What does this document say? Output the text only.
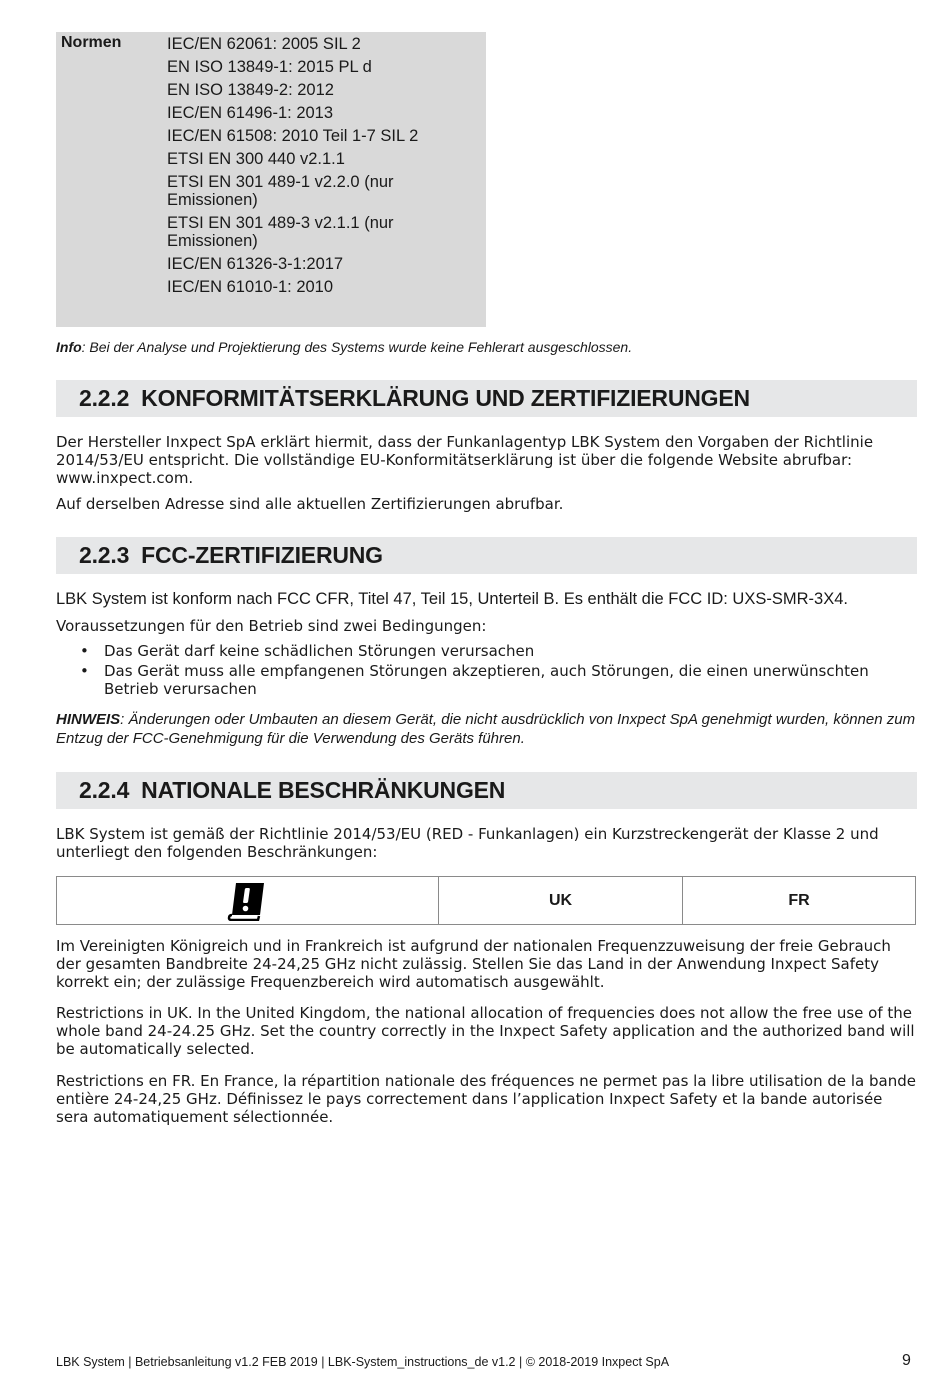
Normen	IEC/EN 62061: 2005 SIL 2
EN ISO 13849-1: 2015 PL d
EN ISO 13849-2: 2012
IEC/EN 61496-1: 2013
IEC/EN 61508: 2010 Teil 1-7 SIL 2
ETSI EN 300 440 v2.1.1
ETSI EN 301 489-1 v2.2.0 (nur Emissionen)
ETSI EN 301 489-3 v2.1.1 (nur Emissionen)
IEC/EN 61326-3-1:2017
IEC/EN 61010-1: 2010
Info: Bei der Analyse und Projektierung des Systems wurde keine Fehlerart ausgeschlossen.
2.2.2 KONFORMITÄTSERKLÄRUNG UND ZERTIFIZIERUNGEN
Der Hersteller Inxpect SpA erklärt hiermit, dass der Funkanlagentyp LBK System den Vorgaben der Richtlinie 2014/53/EU entspricht. Die vollständige EU-Konformitätserklärung ist über die folgende Website abrufbar: www.inxpect.com.
Auf derselben Adresse sind alle aktuellen Zertifizierungen abrufbar.
2.2.3 FCC-ZERTIFIZIERUNG
LBK System ist konform nach FCC CFR, Titel 47, Teil 15, Unterteil B. Es enthält die FCC ID: UXS-SMR-3X4.
Voraussetzungen für den Betrieb sind zwei Bedingungen:
• Das Gerät darf keine schädlichen Störungen verursachen
• Das Gerät muss alle empfangenen Störungen akzeptieren, auch Störungen, die einen unerwünschten Betrieb verursachen
HINWEIS: Änderungen oder Umbauten an diesem Gerät, die nicht ausdrücklich von Inxpect SpA genehmigt wurden, können zum Entzug der FCC-Genehmigung für die Verwendung des Geräts führen.
2.2.4 NATIONALE BESCHRÄNKUNGEN
LBK System ist gemäß der Richtlinie 2014/53/EU (RED - Funkanlagen) ein Kurzstreckengerät der Klasse 2 und unterliegt den folgenden Beschränkungen:
UK	FR
Im Vereinigten Königreich und in Frankreich ist aufgrund der nationalen Frequenzzuweisung der freie Gebrauch der gesamten Bandbreite 24-24,25 GHz nicht zulässig. Stellen Sie das Land in der Anwendung Inxpect Safety korrekt ein; der zulässige Frequenzbereich wird automatisch ausgewählt.
Restrictions in UK. In the United Kingdom, the national allocation of frequencies does not allow the free use of the whole band 24-24.25 GHz. Set the country correctly in the Inxpect Safety application and the authorized band will be automatically selected.
Restrictions en FR. En France, la répartition nationale des fréquences ne permet pas la libre utilisation de la bande entière 24-24,25 GHz. Définissez le pays correctement dans l’application Inxpect Safety et la bande autorisée sera automatiquement sélectionnée.
LBK System | Betriebsanleitung v1.2 FEB 2019 | LBK-System_instructions_de v1.2 | © 2018-2019 Inxpect SpA	9
